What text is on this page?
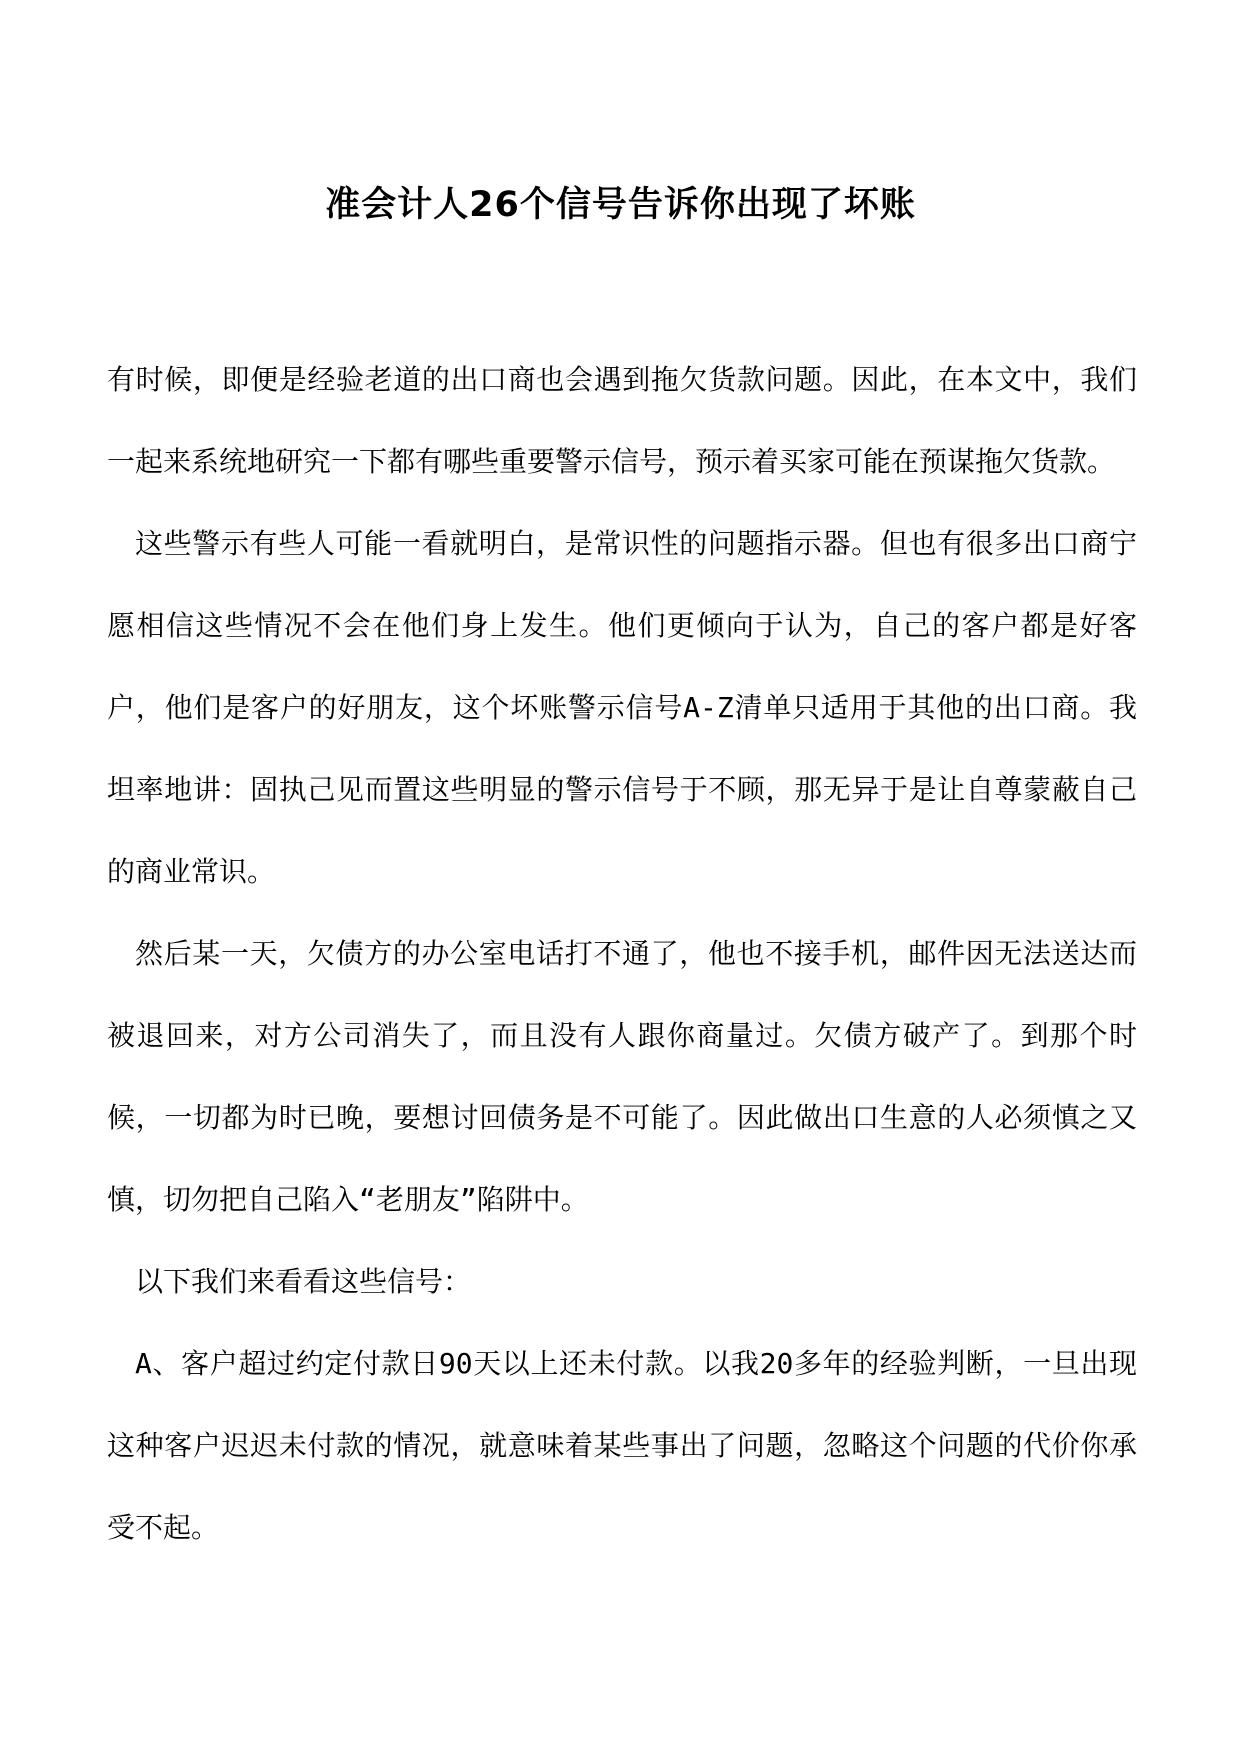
准会计人26个信号告诉你出现了坏账

有时候，即便是经验老道的出口商也会遇到拖欠货款问题。因此，在本文中，我们一起来系统地研究一下都有哪些重要警示信号，预示着买家可能在预谋拖欠货款。

这些警示有些人可能一看就明白，是常识性的问题指示器。但也有很多出口商宁愿相信这些情况不会在他们身上发生。他们更倾向于认为，自己的客户都是好客户，他们是客户的好朋友，这个坏账警示信号A-Z清单只适用于其他的出口商。我坦率地讲：固执己见而置这些明显的警示信号于不顾，那无异于是让自尊蒙蔽自己的商业常识。

然后某一天，欠债方的办公室电话打不通了，他也不接手机，邮件因无法送达而被退回来，对方公司消失了，而且没有人跟你商量过。欠债方破产了。到那个时候，一切都为时已晚，要想讨回债务是不可能了。因此做出口生意的人必须慎之又慎，切勿把自己陷入“老朋友”陷阱中。

以下我们来看看这些信号：

A、客户超过约定付款日90天以上还未付款。以我20多年的经验判断，一旦出现这种客户迟迟未付款的情况，就意味着某些事出了问题，忽略这个问题的代价你承受不起。
